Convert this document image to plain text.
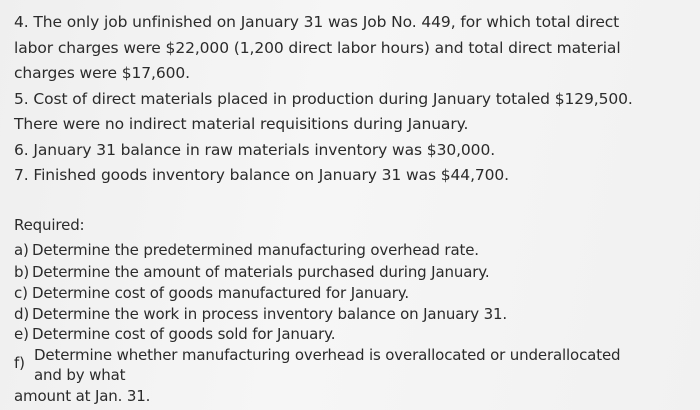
4. The only job unfinished on January 31 was Job No. 449, for which total direct
labor charges were $22,000 (1,200 direct labor hours) and total direct material
charges were $17,600.
5. Cost of direct materials placed in production during January totaled $129,500.
There were no indirect material requisitions during January.
6. January 31 balance in raw materials inventory was $30,000.
7. Finished goods inventory balance on January 31 was $44,700.
Required:
a) Determine the predetermined manufacturing overhead rate.
b) Determine the amount of materials purchased during January.
c) Determine cost of goods manufactured for January.
d) Determine the work in process inventory balance on January 31.
e) Determine cost of goods sold for January.
f) Determine whether manufacturing overhead is overallocated or underallocated
and by what
amount at Jan. 31.
